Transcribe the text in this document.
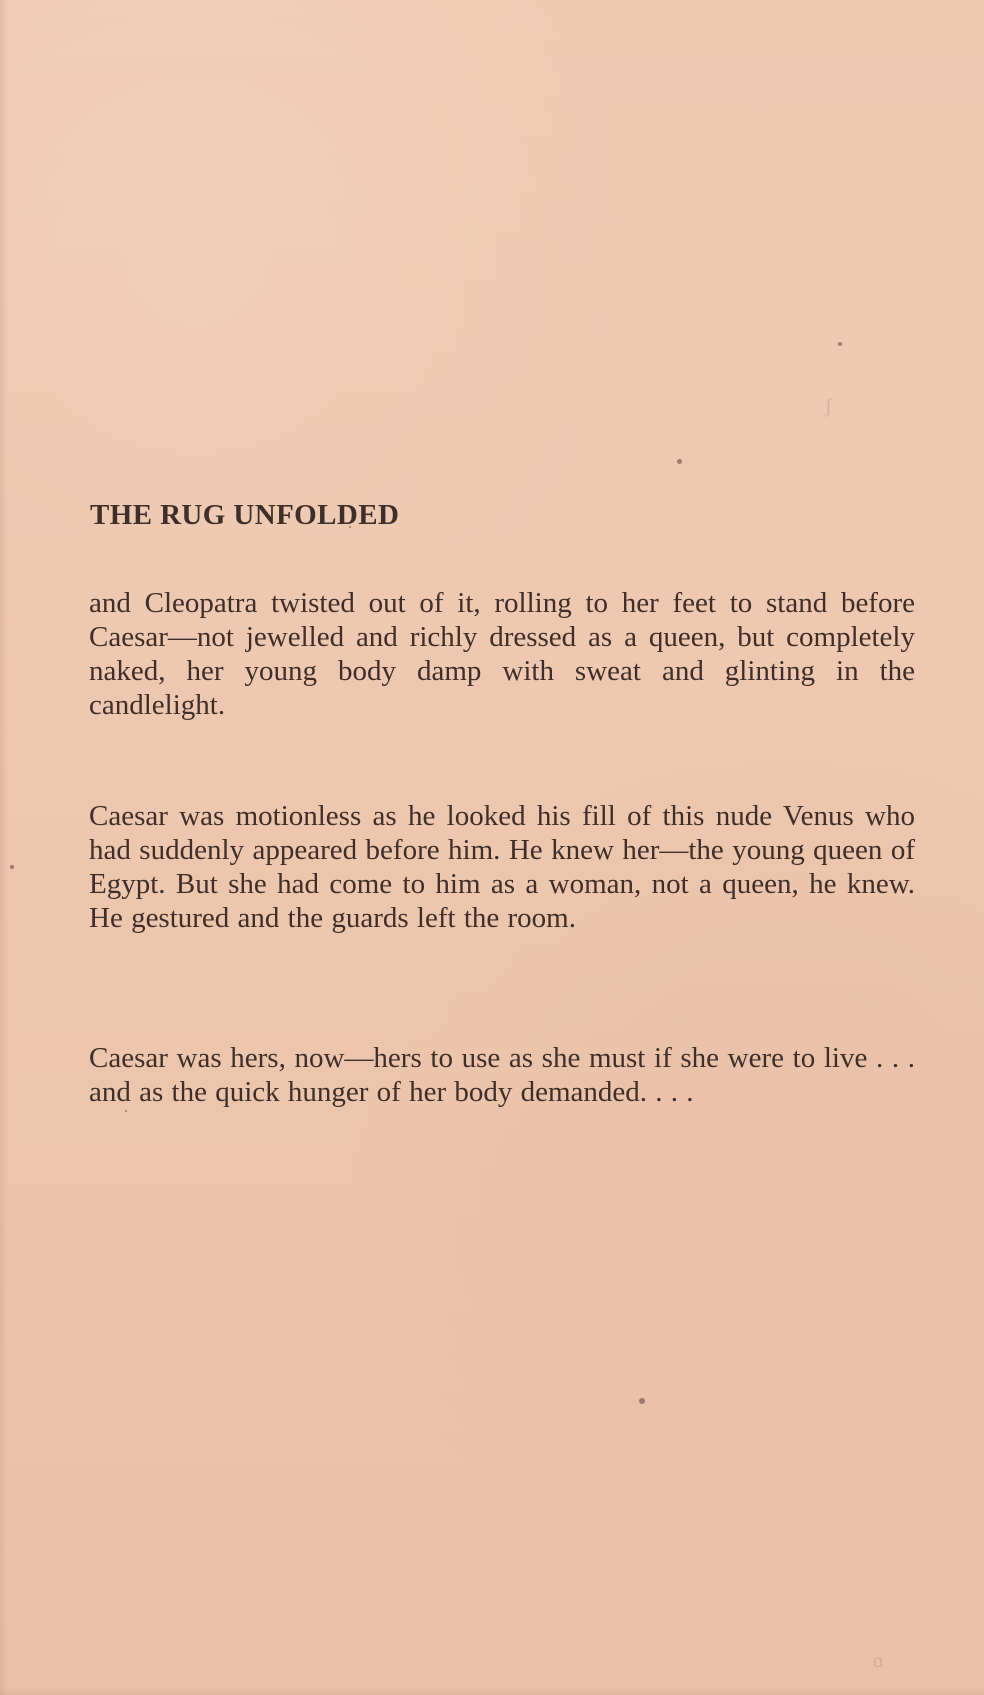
ʃ
ɑ
THE RUG UNFOLDED

and Cleopatra twisted out of it, rolling to her feet to stand before Caesar—not jewelled and richly dressed as a queen, but completely naked, her young body damp with sweat and glinting in the candlelight.

Caesar was motionless as he looked his fill of this nude Venus who had suddenly appeared before him. He knew her—the young queen of Egypt. But she had come to him as a woman, not a queen, he knew. He gestured and the guards left the room.

Caesar was hers, now—hers to use as she must if she were to live . . . and as the quick hunger of her body demanded. . . .
